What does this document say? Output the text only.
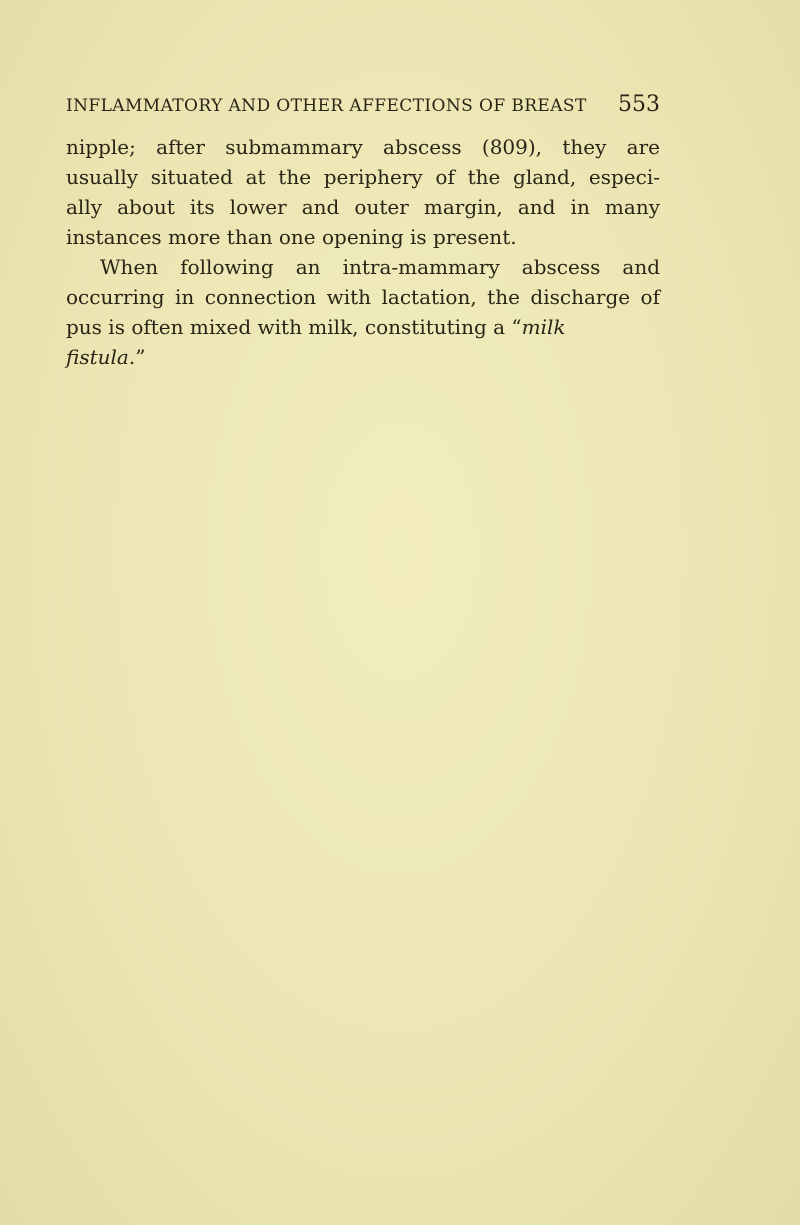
INFLAMMATORY AND OTHER AFFECTIONS OF BREAST 553
nipple; after submammary abscess (809), they are
usually situated at the periphery of the gland, especi-
ally about its lower and outer margin, and in many
instances more than one opening is present.
When following an intra-mammary abscess and
occurring in connection with lactation, the discharge of
pus is often mixed with milk, constituting a “milk
fistula.”
